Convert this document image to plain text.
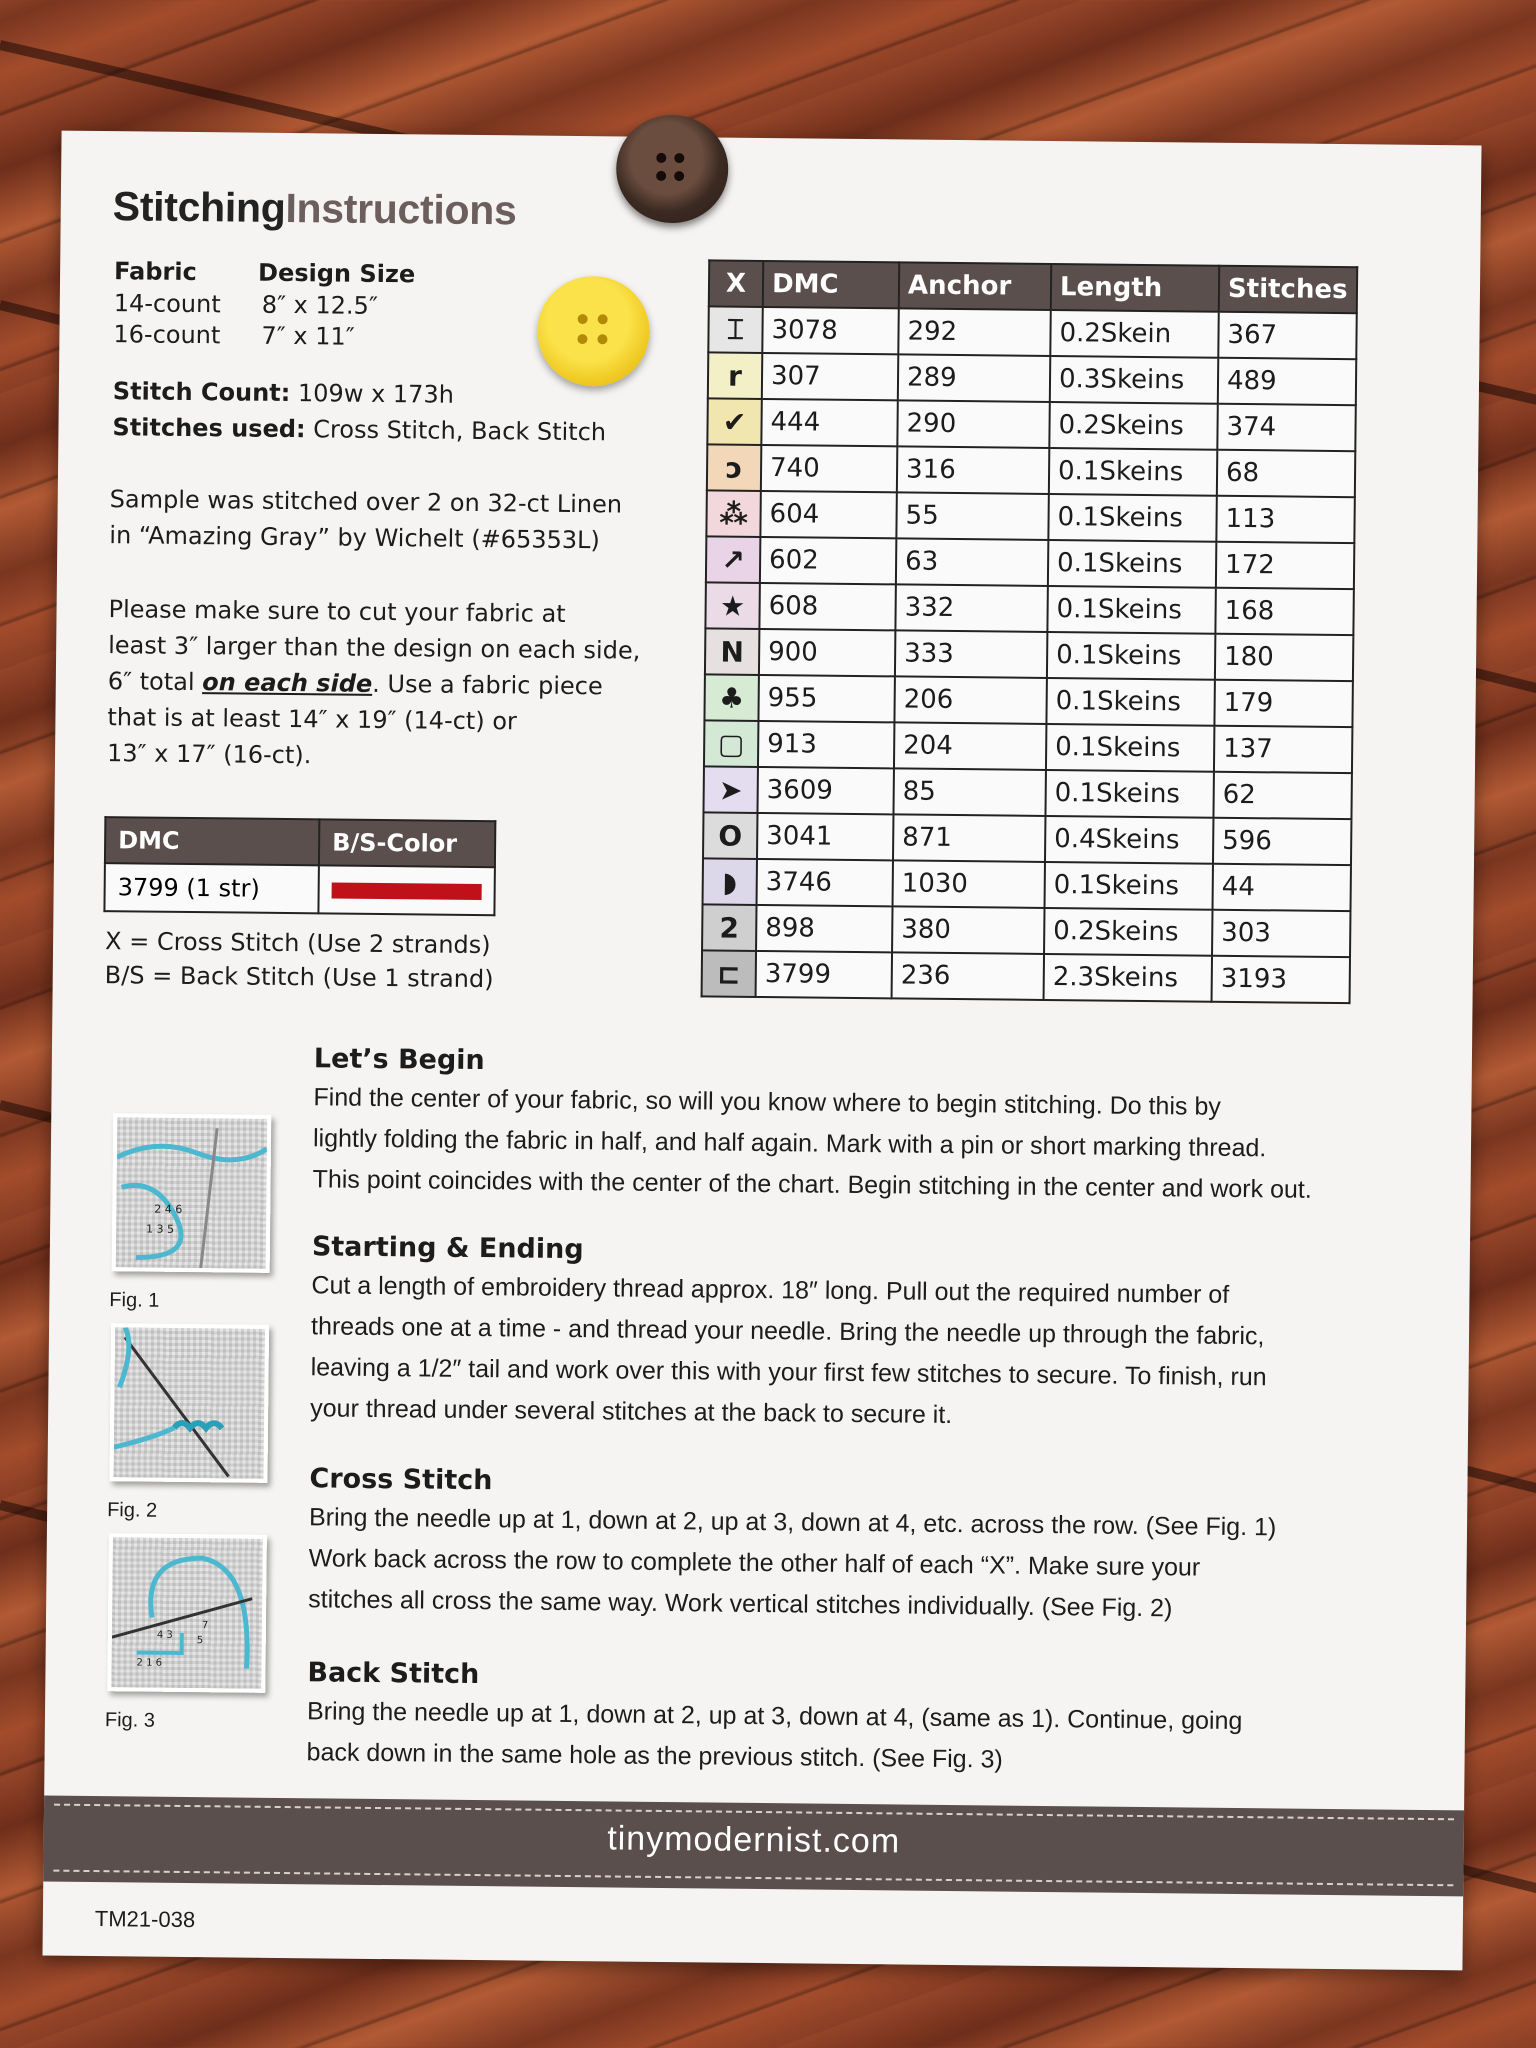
StitchingInstructions
Fabric	Design Size
14-count 8″ x 12.5″
16-count 7″ x 11″
Stitch Count: 109w x 173h
Stitches used: Cross Stitch, Back Stitch
Sample was stitched over 2 on 32-ct Linen
in “Amazing Gray” by Wichelt (#65353L)
Please make sure to cut your fabric at
least 3″ larger than the design on each side,
6″ total on each side. Use a fabric piece
that is at least 14″ x 19″ (14-ct) or
13″ x 17″ (16-ct).
DMC	B/S-Color
3799 (1 str)	
X = Cross Stitch (Use 2 strands)
B/S = Back Stitch (Use 1 strand)
X	DMC	Anchor	Length	Stitches
⌶	3078	292	0.2Skein	367
r	307	289	0.3Skeins	489
✔	444	290	0.2Skeins	374
ɔ	740	316	0.1Skeins	68
⁂	604	55	0.1Skeins	113
↗	602	63	0.1Skeins	172
★	608	332	0.1Skeins	168
N	900	333	0.1Skeins	180
♣	955	206	0.1Skeins	179
▢	913	204	0.1Skeins	137
➤	3609	85	0.1Skeins	62
O	3041	871	0.4Skeins	596
◗	3746	1030	0.1Skeins	44
2	898	380	0.2Skeins	303
⊏	3799	236	2.3Skeins	3193
Let’s Begin
Find the center of your fabric, so will you know where to begin stitching. Do this by
lightly folding the fabric in half, and half again. Mark with a pin or short marking thread.
This point coincides with the center of the chart. Begin stitching in the center and work out.
Starting & Ending
Cut a length of embroidery thread approx. 18″ long. Pull out the required number of
threads one at a time - and thread your needle. Bring the needle up through the fabric,
leaving a 1/2″ tail and work over this with your first few stitches to secure. To finish, run
your thread under several stitches at the back to secure it.
Cross Stitch
Bring the needle up at 1, down at 2, up at 3, down at 4, etc. across the row. (See Fig. 1)
Work back across the row to complete the other half of each “X”. Make sure your
stitches all cross the same way. Work vertical stitches individually. (See Fig. 2)
Back Stitch
Bring the needle up at 1, down at 2, up at 3, down at 4, (same as 1). Continue, going
back down in the same hole as the previous stitch. (See Fig. 3)
2 4 6
1 3 5
Fig. 1
Fig. 2
4 3
2 1 6
7
5
Fig. 3
tinymodernist.com
TM21-038
